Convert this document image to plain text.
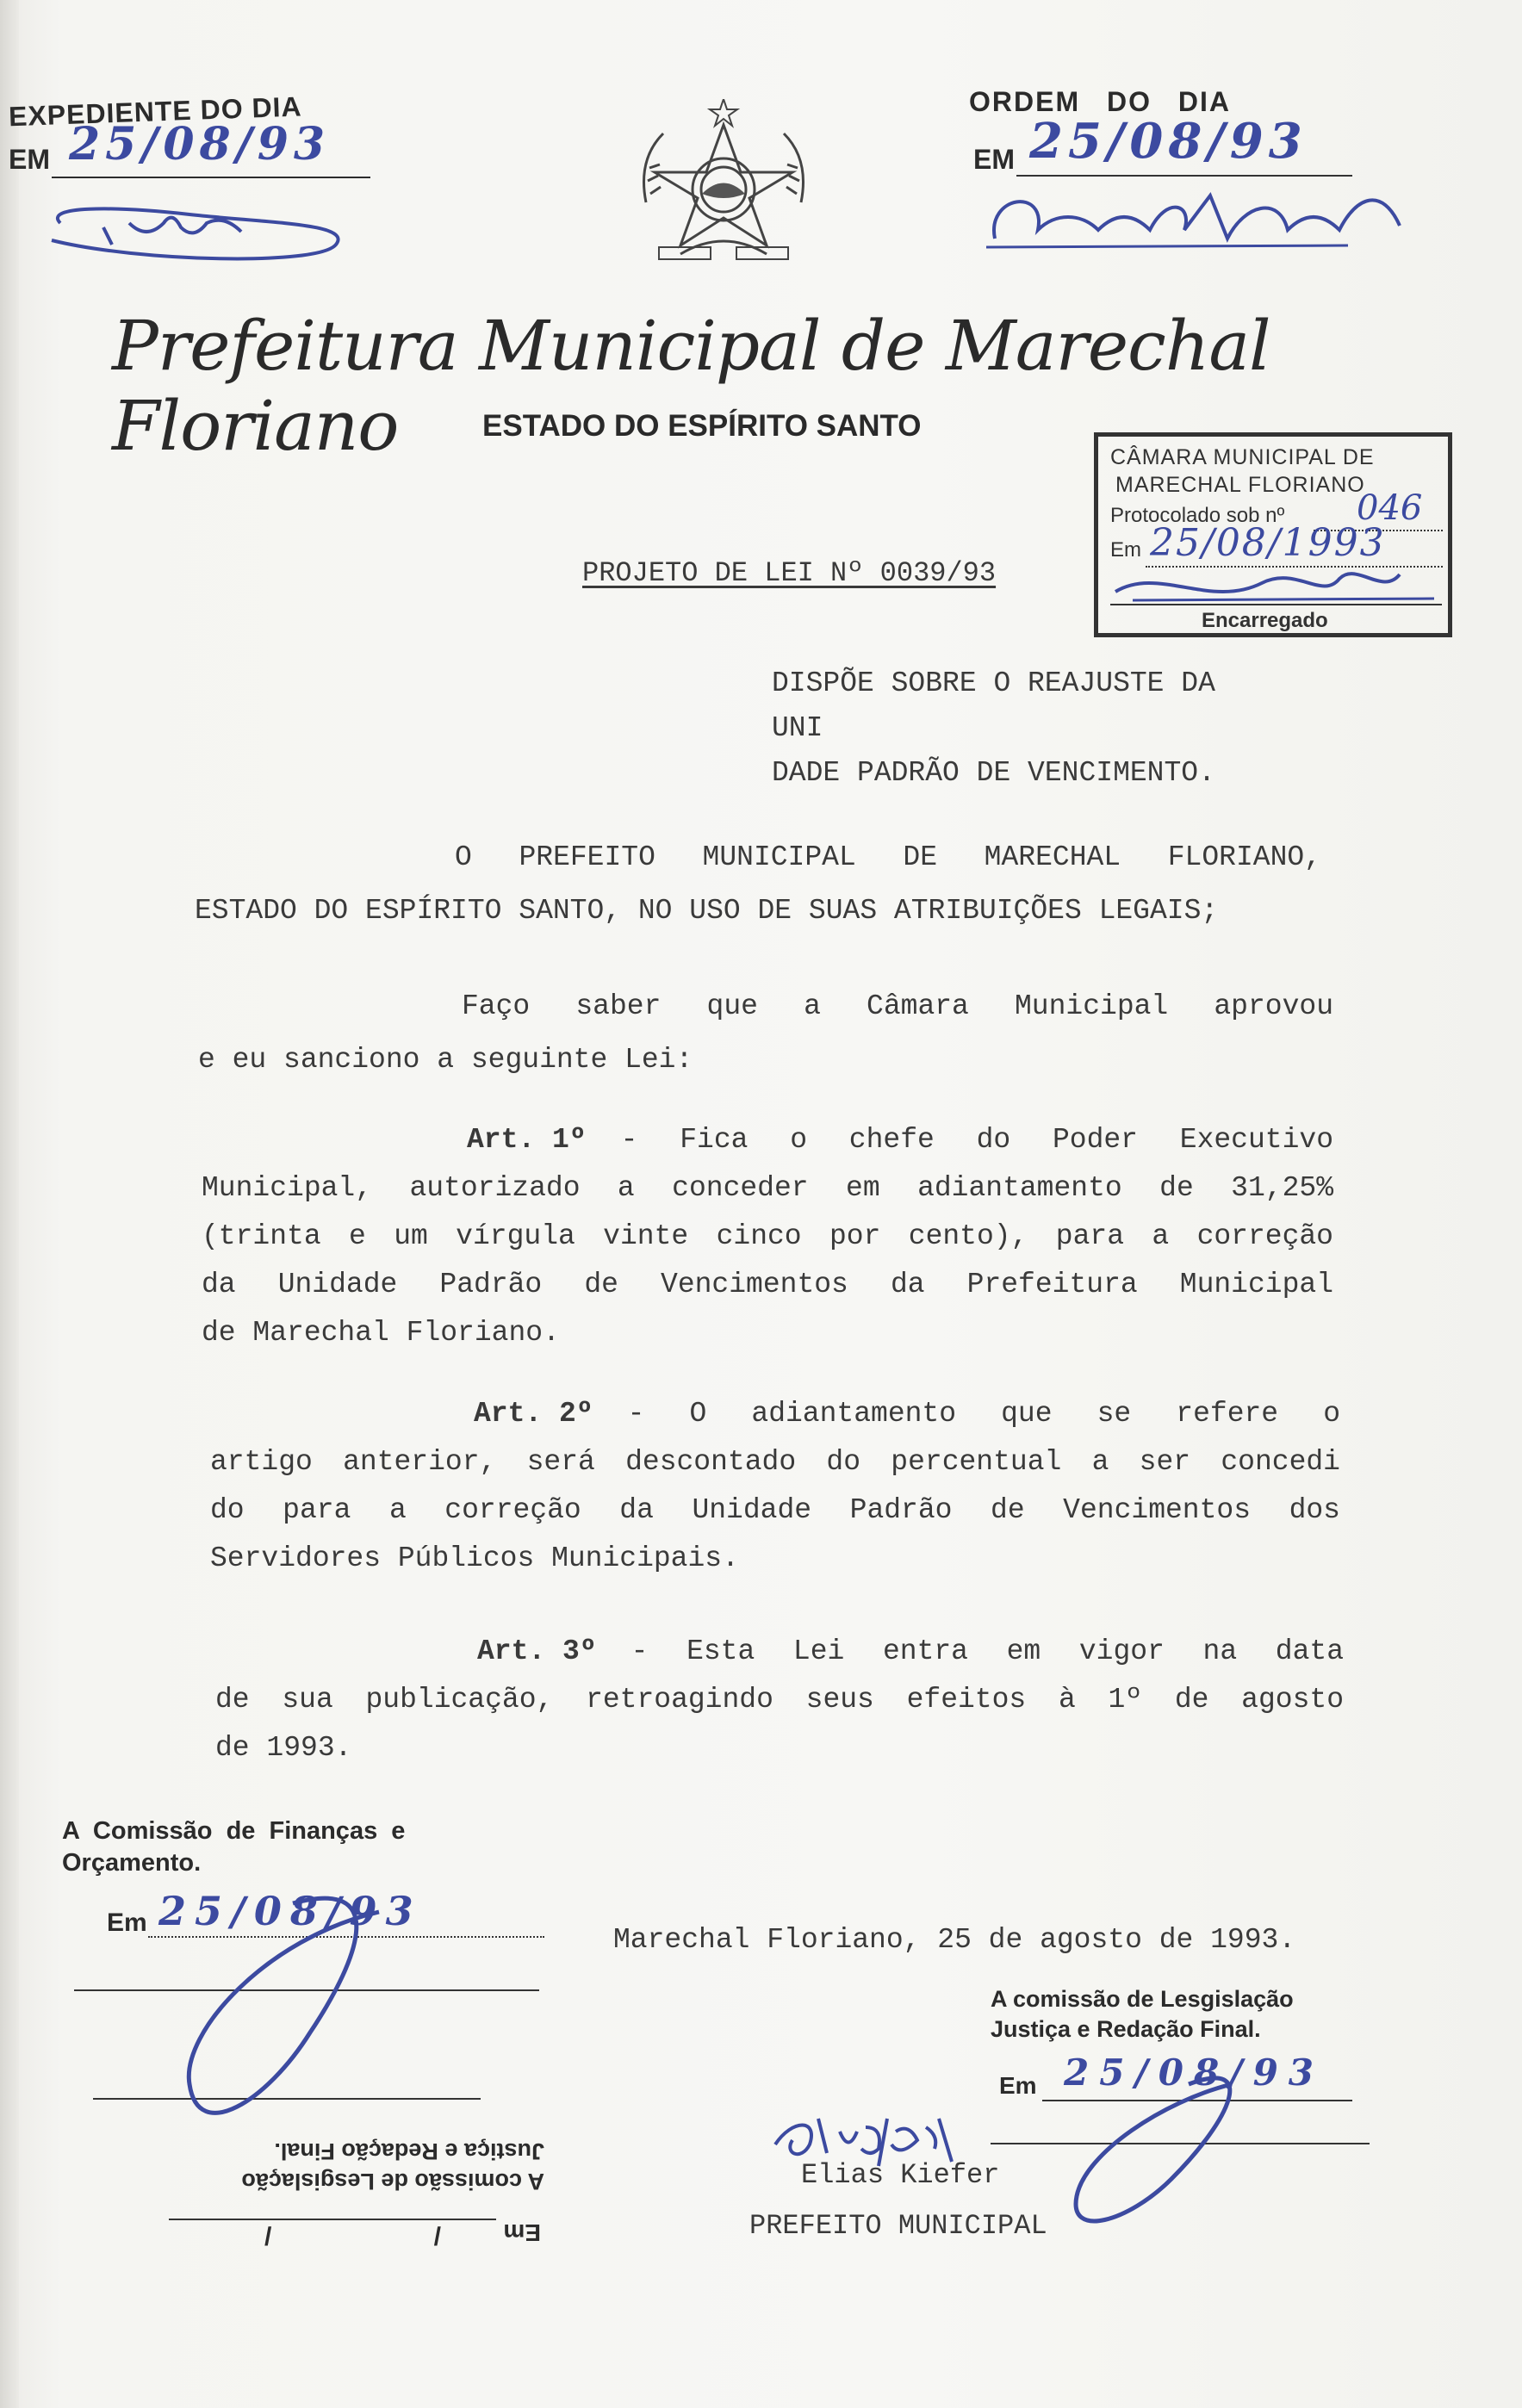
EXPEDIENTE DO DIA
EM 25/08/93
ORDEM DO DIA
EM 25/08/93
Prefeitura Municipal de Marechal Floriano	ESTADO DO ESPÍRITO SANTO
CÂMARA MUNICIPAL DE
MARECHAL FLORIANO
Protocolado sob nº 046
Em 25/08/1993
Encarregado
PROJETO DE LEI Nº 0039/93
DISPÕE SOBRE O REAJUSTE DA UNI
DADE PADRÃO DE VENCIMENTO.
O PREFEITO MUNICIPAL DE MARECHAL FLORIANO,
ESTADO DO ESPÍRITO SANTO, NO USO DE SUAS ATRIBUIÇÕES LEGAIS;
Faço saber que a Câmara Municipal aprovou
e eu sanciono a seguinte Lei:
Art. 1º - Fica o chefe do Poder Executivo
Municipal, autorizado a conceder em adiantamento de 31,25%
(trinta e um vírgula vinte cinco por cento), para a correção
da Unidade Padrão de Vencimentos da Prefeitura Municipal
de Marechal Floriano.
Art. 2º - O adiantamento que se refere o
artigo anterior, será descontado do percentual a ser concedi
do para a correção da Unidade Padrão de Vencimentos dos
Servidores Públicos Municipais.
Art. 3º - Esta Lei entra em vigor na data
de sua publicação, retroagindo seus efeitos à 1º de agosto
de 1993.
A Comissão de Finanças e
Orçamento.
Em 25/08/93
Em
/ /
A comissão de Lesgislação
Justiça e Redação Final.
Marechal Floriano, 25 de agosto de 1993.
A comissão de Lesgislação
Justiça e Redação Final.
Em 25/08/93
Elias Kiefer
PREFEITO MUNICIPAL
